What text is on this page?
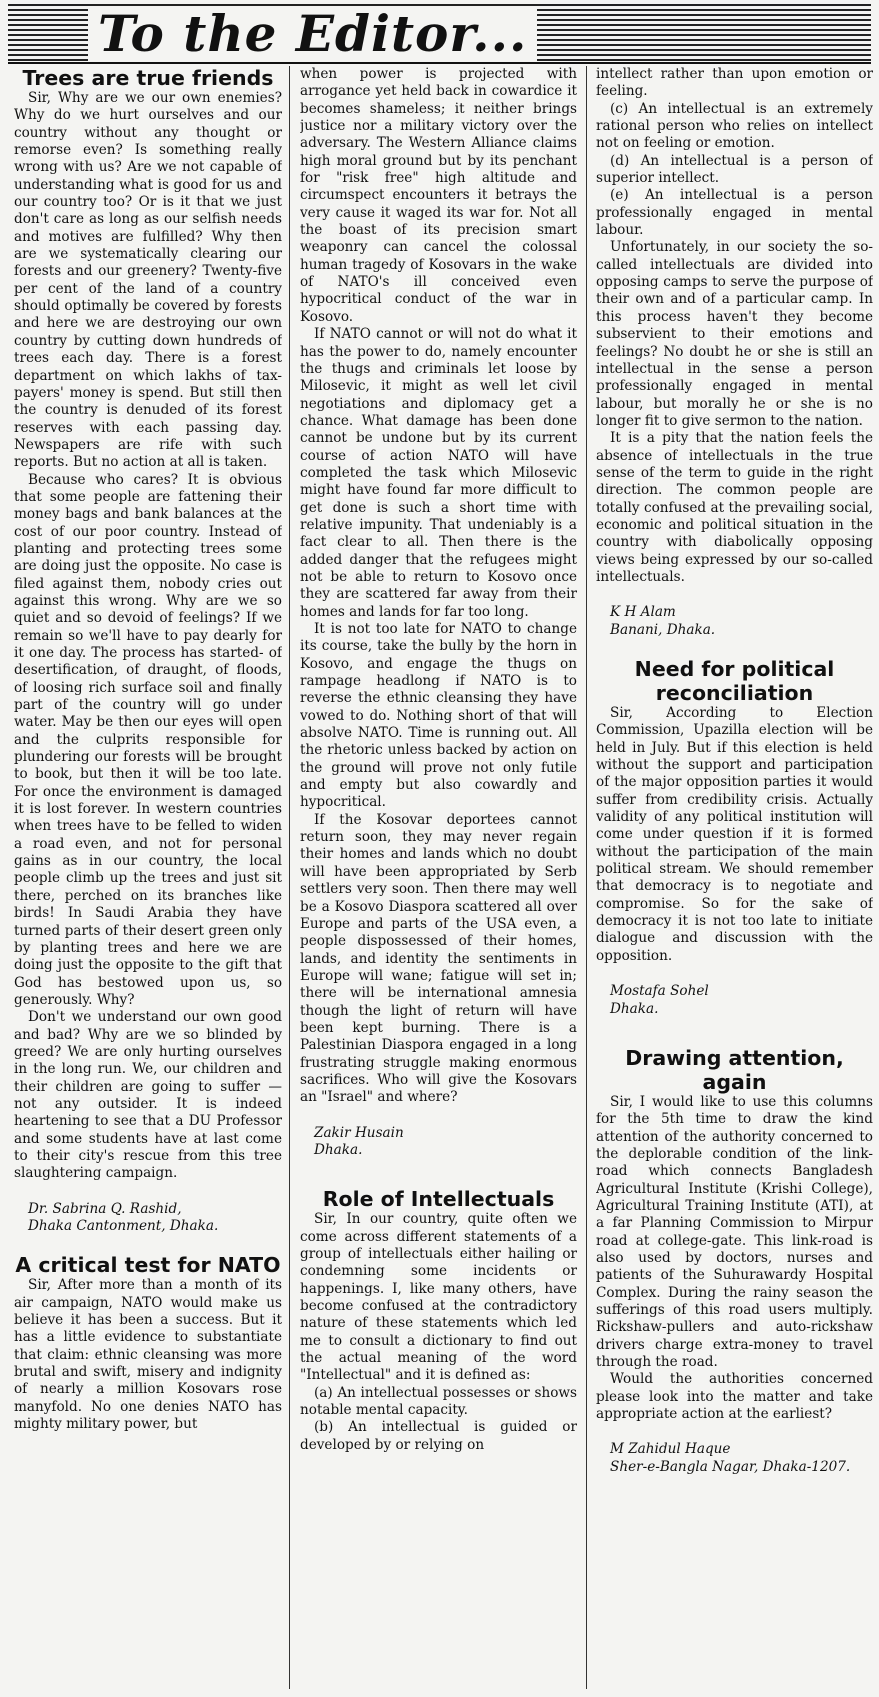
To the Editor...
Trees are true friends

Sir, Why are we our own enemies? Why do we hurt ourselves and our country without any thought or remorse even? Is something really wrong with us? Are we not capable of understanding what is good for us and our country too? Or is it that we just don't care as long as our selfish needs and motives are fulfilled? Why then are we systematically clearing our forests and our greenery? Twenty-five per cent of the land of a country should optimally be covered by forests and here we are destroying our own country by cutting down hundreds of trees each day. There is a forest department on which lakhs of tax-payers' money is spend. But still then the country is denuded of its forest reserves with each passing day. Newspapers are rife with such reports. But no action at all is taken.

Because who cares? It is obvious that some people are fattening their money bags and bank balances at the cost of our poor country. Instead of planting and protecting trees some are doing just the opposite. No case is filed against them, nobody cries out against this wrong. Why are we so quiet and so devoid of feelings? If we remain so we'll have to pay dearly for it one day. The process has started- of desertification, of draught, of floods, of loosing rich surface soil and finally part of the country will go under water. May be then our eyes will open and the culprits responsible for plundering our forests will be brought to book, but then it will be too late. For once the environment is damaged it is lost forever. In western countries when trees have to be felled to widen a road even, and not for personal gains as in our country, the local people climb up the trees and just sit there, perched on its branches like birds! In Saudi Arabia they have turned parts of their desert green only by planting trees and here we are doing just the opposite to the gift that God has bestowed upon us, so generously. Why?

Don't we understand our own good and bad? Why are we so blinded by greed? We are only hurting ourselves in the long run. We, our children and their children are going to suffer — not any outsider. It is indeed heartening to see that a DU Professor and some students have at last come to their city's rescue from this tree slaughtering campaign.

Dr. Sabrina Q. Rashid,

Dhaka Cantonment, Dhaka.

A critical test for NATO

Sir, After more than a month of its air campaign, NATO would make us believe it has been a success. But it has a little evidence to substantiate that claim: ethnic cleansing was more brutal and swift, misery and indignity of nearly a million Kosovars rose manyfold. No one denies NATO has mighty military power, but

when power is projected with arrogance yet held back in cowardice it becomes shameless; it neither brings justice nor a military victory over the adversary. The Western Alliance claims high moral ground but by its penchant for "risk free" high altitude and circumspect encounters it betrays the very cause it waged its war for. Not all the boast of its precision smart weaponry can cancel the colossal human tragedy of Kosovars in the wake of NATO's ill conceived even hypocritical conduct of the war in Kosovo.

If NATO cannot or will not do what it has the power to do, namely encounter the thugs and criminals let loose by Milosevic, it might as well let civil negotiations and diplomacy get a chance. What damage has been done cannot be undone but by its current course of action NATO will have completed the task which Milosevic might have found far more difficult to get done is such a short time with relative impunity. That undeniably is a fact clear to all. Then there is the added danger that the refugees might not be able to return to Kosovo once they are scattered far away from their homes and lands for far too long.

It is not too late for NATO to change its course, take the bully by the horn in Kosovo, and engage the thugs on rampage headlong if NATO is to reverse the ethnic cleansing they have vowed to do. Nothing short of that will absolve NATO. Time is running out. All the rhetoric unless backed by action on the ground will prove not only futile and empty but also cowardly and hypocritical.

If the Kosovar deportees cannot return soon, they may never regain their homes and lands which no doubt will have been appropriated by Serb settlers very soon. Then there may well be a Kosovo Diaspora scattered all over Europe and parts of the USA even, a people dispossessed of their homes, lands, and identity the sentiments in Europe will wane; fatigue will set in; there will be international amnesia though the light of return will have been kept burning. There is a Palestinian Diaspora engaged in a long frustrating struggle making enormous sacrifices. Who will give the Kosovars an "Israel" and where?

Zakir Husain

Dhaka.

Role of Intellectuals

Sir, In our country, quite often we come across different statements of a group of intellectuals either hailing or condemning some incidents or happenings. I, like many others, have become confused at the contradictory nature of these statements which led me to consult a dictionary to find out the actual meaning of the word "Intellectual" and it is defined as:

(a) An intellectual possesses or shows notable mental capacity.

(b) An intellectual is guided or developed by or relying on

intellect rather than upon emotion or feeling.

(c) An intellectual is an extremely rational person who relies on intellect not on feeling or emotion.

(d) An intellectual is a person of superior intellect.

(e) An intellectual is a person professionally engaged in mental labour.

Unfortunately, in our society the so-called intellectuals are divided into opposing camps to serve the purpose of their own and of a particular camp. In this process haven't they become subservient to their emotions and feelings? No doubt he or she is still an intellectual in the sense a person professionally engaged in mental labour, but morally he or she is no longer fit to give sermon to the nation.

It is a pity that the nation feels the absence of intellectuals in the true sense of the term to guide in the right direction. The common people are totally confused at the prevailing social, economic and political situation in the country with diabolically opposing views being expressed by our so-called intellectuals.

K H Alam

Banani, Dhaka.

Need for political reconciliation

Sir, According to Election Commission, Upazilla election will be held in July. But if this election is held without the support and participation of the major opposition parties it would suffer from credibility crisis. Actually validity of any political institution will come under question if it is formed without the participation of the main political stream. We should remember that democracy is to negotiate and compromise. So for the sake of democracy it is not too late to initiate dialogue and discussion with the opposition.

Mostafa Sohel

Dhaka.

Drawing attention, again

Sir, I would like to use this columns for the 5th time to draw the kind attention of the authority concerned to the deplorable condition of the link-road which connects Bangladesh Agricultural Institute (Krishi College), Agricultural Training Institute (ATI), at a far Planning Commission to Mirpur road at college-gate. This link-road is also used by doctors, nurses and patients of the Suhurawardy Hospital Complex. During the rainy season the sufferings of this road users multiply. Rickshaw-pullers and auto-rickshaw drivers charge extra-money to travel through the road.

Would the authorities concerned please look into the matter and take appropriate action at the earliest?

M Zahidul Haque

Sher-e-Bangla Nagar, Dhaka-1207.
